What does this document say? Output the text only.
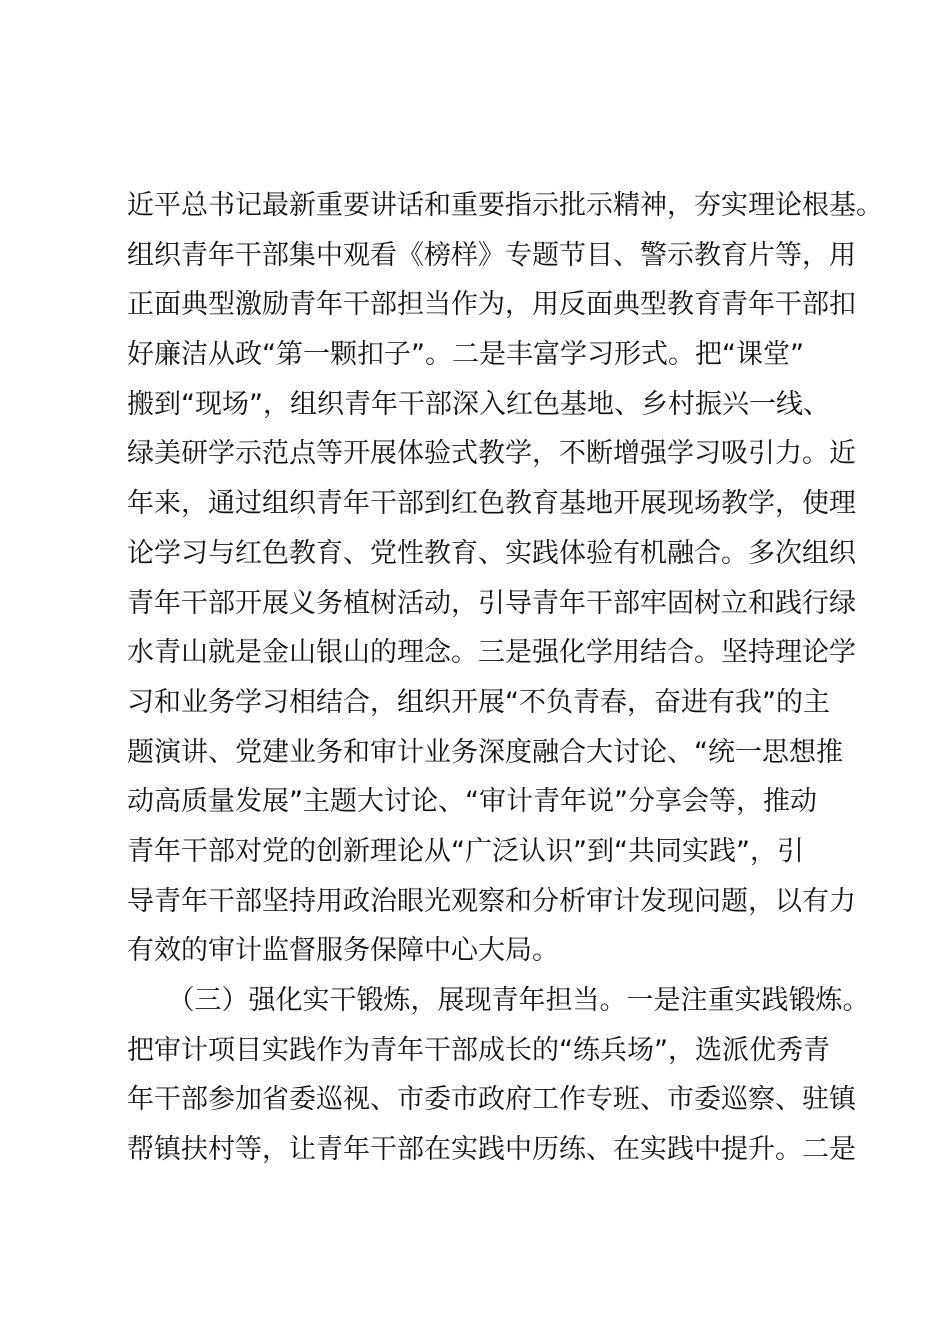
近平总书记最新重要讲话和重要指示批示精神，夯实理论根基。
组织青年干部集中观看《榜样》专题节目、警示教育片等，用
正面典型激励青年干部担当作为，用反面典型教育青年干部扣
好廉洁从政“第一颗扣子”。二是丰富学习形式。把“课堂”
搬到“现场”，组织青年干部深入红色基地、乡村振兴一线、
绿美研学示范点等开展体验式教学，不断增强学习吸引力。近
年来，通过组织青年干部到红色教育基地开展现场教学，使理
论学习与红色教育、党性教育、实践体验有机融合。多次组织
青年干部开展义务植树活动，引导青年干部牢固树立和践行绿
水青山就是金山银山的理念。三是强化学用结合。坚持理论学
习和业务学习相结合，组织开展“不负青春，奋进有我”的主
题演讲、党建业务和审计业务深度融合大讨论、“统一思想推
动高质量发展”主题大讨论、“审计青年说”分享会等，推动
青年干部对党的创新理论从“广泛认识”到“共同实践”，引
导青年干部坚持用政治眼光观察和分析审计发现问题，以有力
有效的审计监督服务保障中心大局。
　　（三）强化实干锻炼，展现青年担当。一是注重实践锻炼。
把审计项目实践作为青年干部成长的“练兵场”，选派优秀青
年干部参加省委巡视、市委市政府工作专班、市委巡察、驻镇
帮镇扶村等，让青年干部在实践中历练、在实践中提升。二是
